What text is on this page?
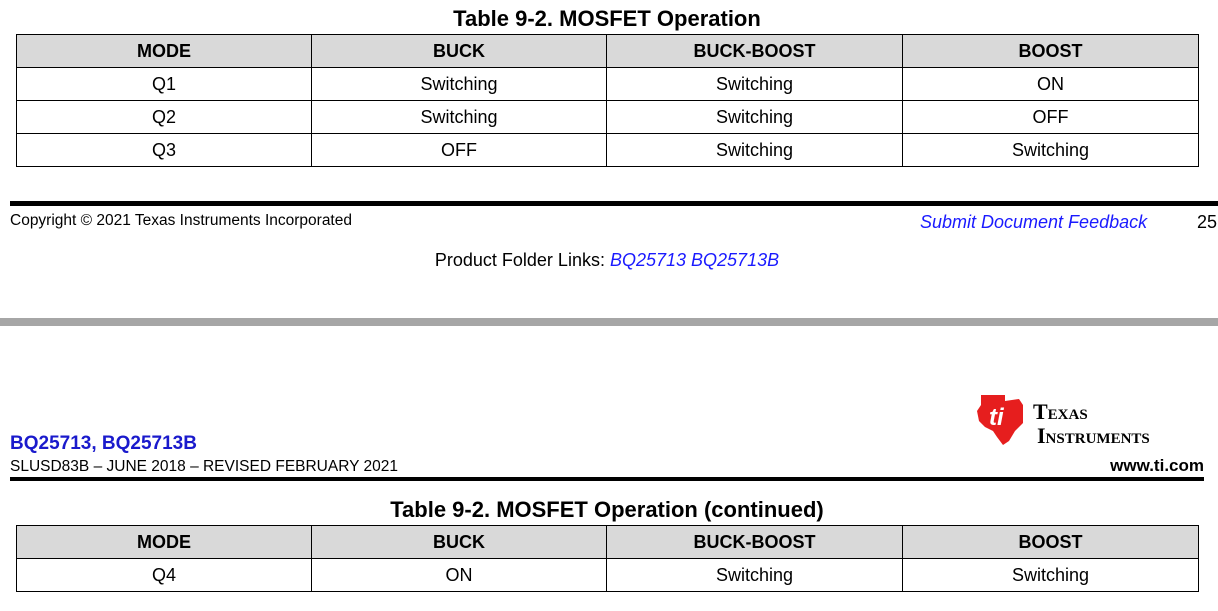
Table 9-2. MOSFET Operation
MODE	BUCK	BUCK-BOOST	BOOST
Q1	Switching	Switching	ON
Q2	Switching	Switching	OFF
Q3	OFF	Switching	Switching
Copyright © 2021 Texas Instruments Incorporated	Submit Document Feedback	25
Product Folder Links: BQ25713 BQ25713B
BQ25713, BQ25713B
SLUSD83B – JUNE 2018 – REVISED FEBRUARY 2021
ti Texas
Instruments
www.ti.com
Table 9-2. MOSFET Operation (continued)
MODE	BUCK	BUCK-BOOST	BOOST
Q4	ON	Switching	Switching
